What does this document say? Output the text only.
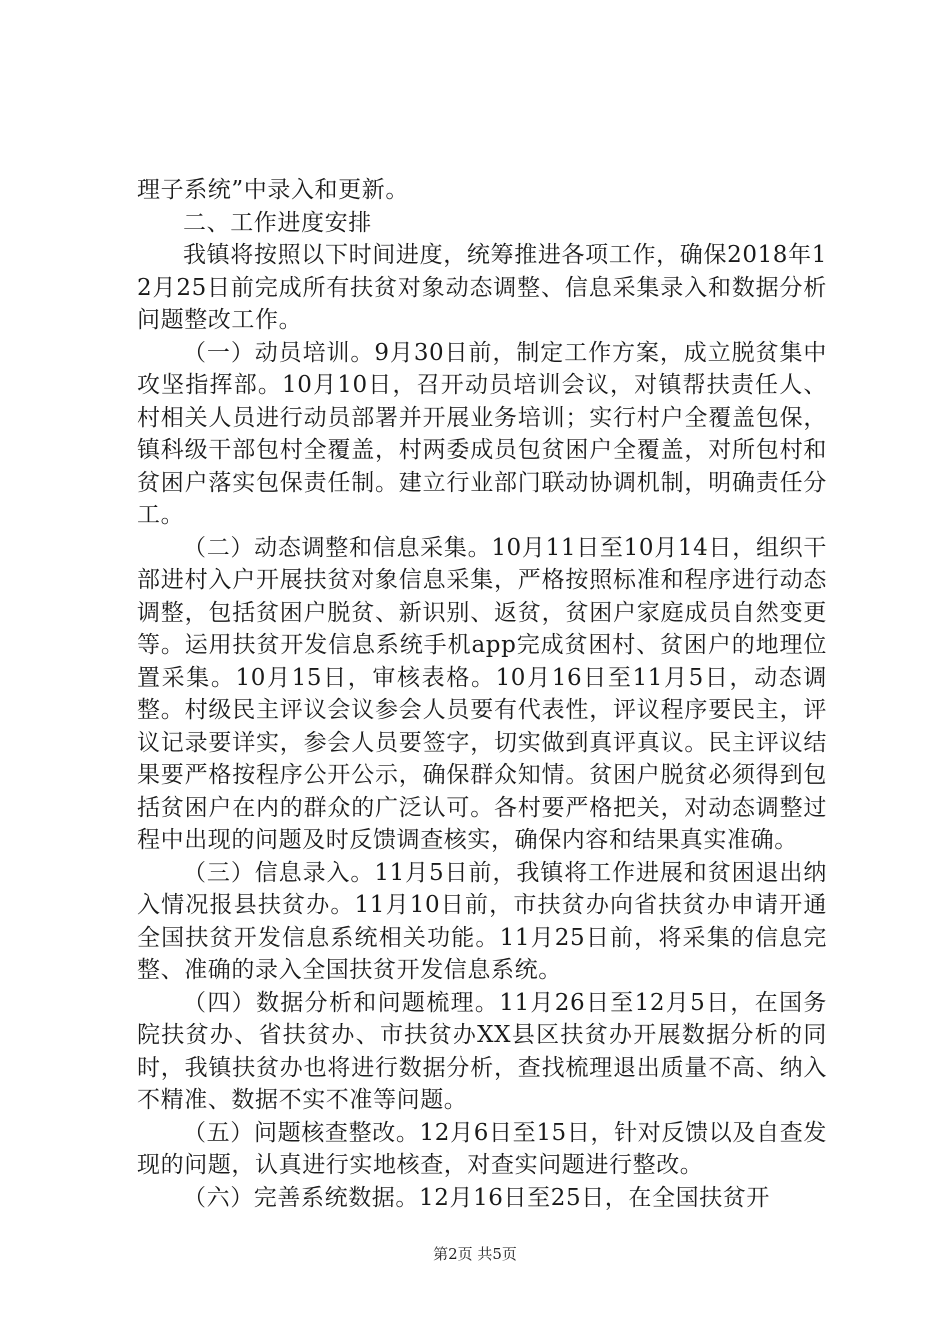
理子系统”中录入和更新。

二、工作进度安排

我镇将按照以下时间进度，统筹推进各项工作，确保2018年12月25日前完成所有扶贫对象动态调整、信息采集录入和数据分析问题整改工作。

（一）动员培训。9月30日前，制定工作方案，成立脱贫集中攻坚指挥部。10月10日，召开动员培训会议，对镇帮扶责任人、村相关人员进行动员部署并开展业务培训；实行村户全覆盖包保，镇科级干部包村全覆盖，村两委成员包贫困户全覆盖，对所包村和贫困户落实包保责任制。建立行业部门联动协调机制，明确责任分工。

（二）动态调整和信息采集。10月11日至10月14日，组织干部进村入户开展扶贫对象信息采集，严格按照标准和程序进行动态调整，包括贫困户脱贫、新识别、返贫，贫困户家庭成员自然变更等。运用扶贫开发信息系统手机app完成贫困村、贫困户的地理位置采集。10月15日，审核表格。10月16日至11月5日，动态调整。村级民主评议会议参会人员要有代表性，评议程序要民主，评议记录要详实，参会人员要签字，切实做到真评真议。民主评议结果要严格按程序公开公示，确保群众知情。贫困户脱贫必须得到包括贫困户在内的群众的广泛认可。各村要严格把关，对动态调整过程中出现的问题及时反馈调查核实，确保内容和结果真实准确。

（三）信息录入。11月5日前，我镇将工作进展和贫困退出纳入情况报县扶贫办。11月10日前，市扶贫办向省扶贫办申请开通全国扶贫开发信息系统相关功能。11月25日前，将采集的信息完整、准确的录入全国扶贫开发信息系统。

（四）数据分析和问题梳理。11月26日至12月5日，在国务院扶贫办、省扶贫办、市扶贫办XX县区扶贫办开展数据分析的同时，我镇扶贫办也将进行数据分析，查找梳理退出质量不高、纳入不精准、数据不实不准等问题。

（五）问题核查整改。12月6日至15日，针对反馈以及自查发现的问题，认真进行实地核查，对查实问题进行整改。

（六）完善系统数据。12月16日至25日，在全国扶贫开

第2页 共5页
